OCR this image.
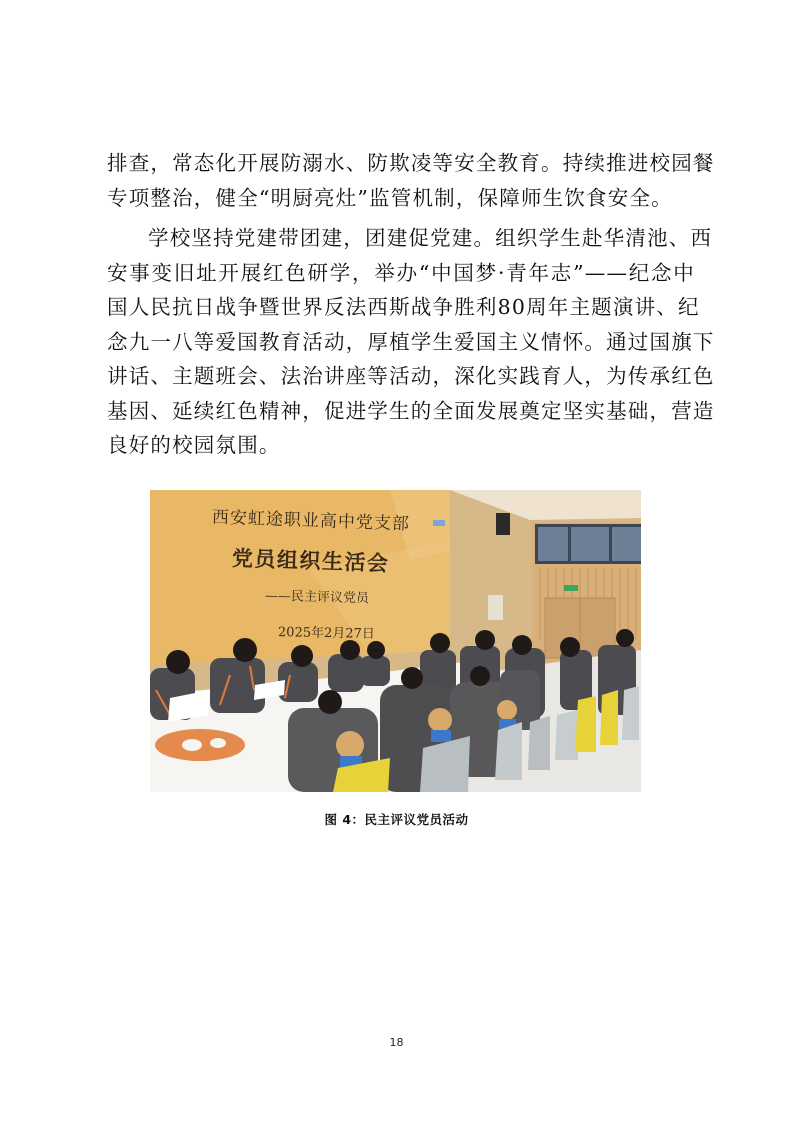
排查，常态化开展防溺水、防欺凌等安全教育。持续推进校园餐
专项整治，健全“明厨亮灶”监管机制，保障师生饮食安全。

学校坚持党建带团建，团建促党建。组织学生赴华清池、西
安事变旧址开展红色研学，举办“中国梦·青年志”——纪念中
国人民抗日战争暨世界反法西斯战争胜利80周年主题演讲、纪
念九一八等爱国教育活动，厚植学生爱国主义情怀。通过国旗下
讲话、主题班会、法治讲座等活动，深化实践育人，为传承红色
基因、延续红色精神，促进学生的全面发展奠定坚实基础，营造
良好的校园氛围。

西安虹途职业高中党支部
党员组织生活会
——民主评议党员
2025年2月27日
图 4：民主评议党员活动
18
